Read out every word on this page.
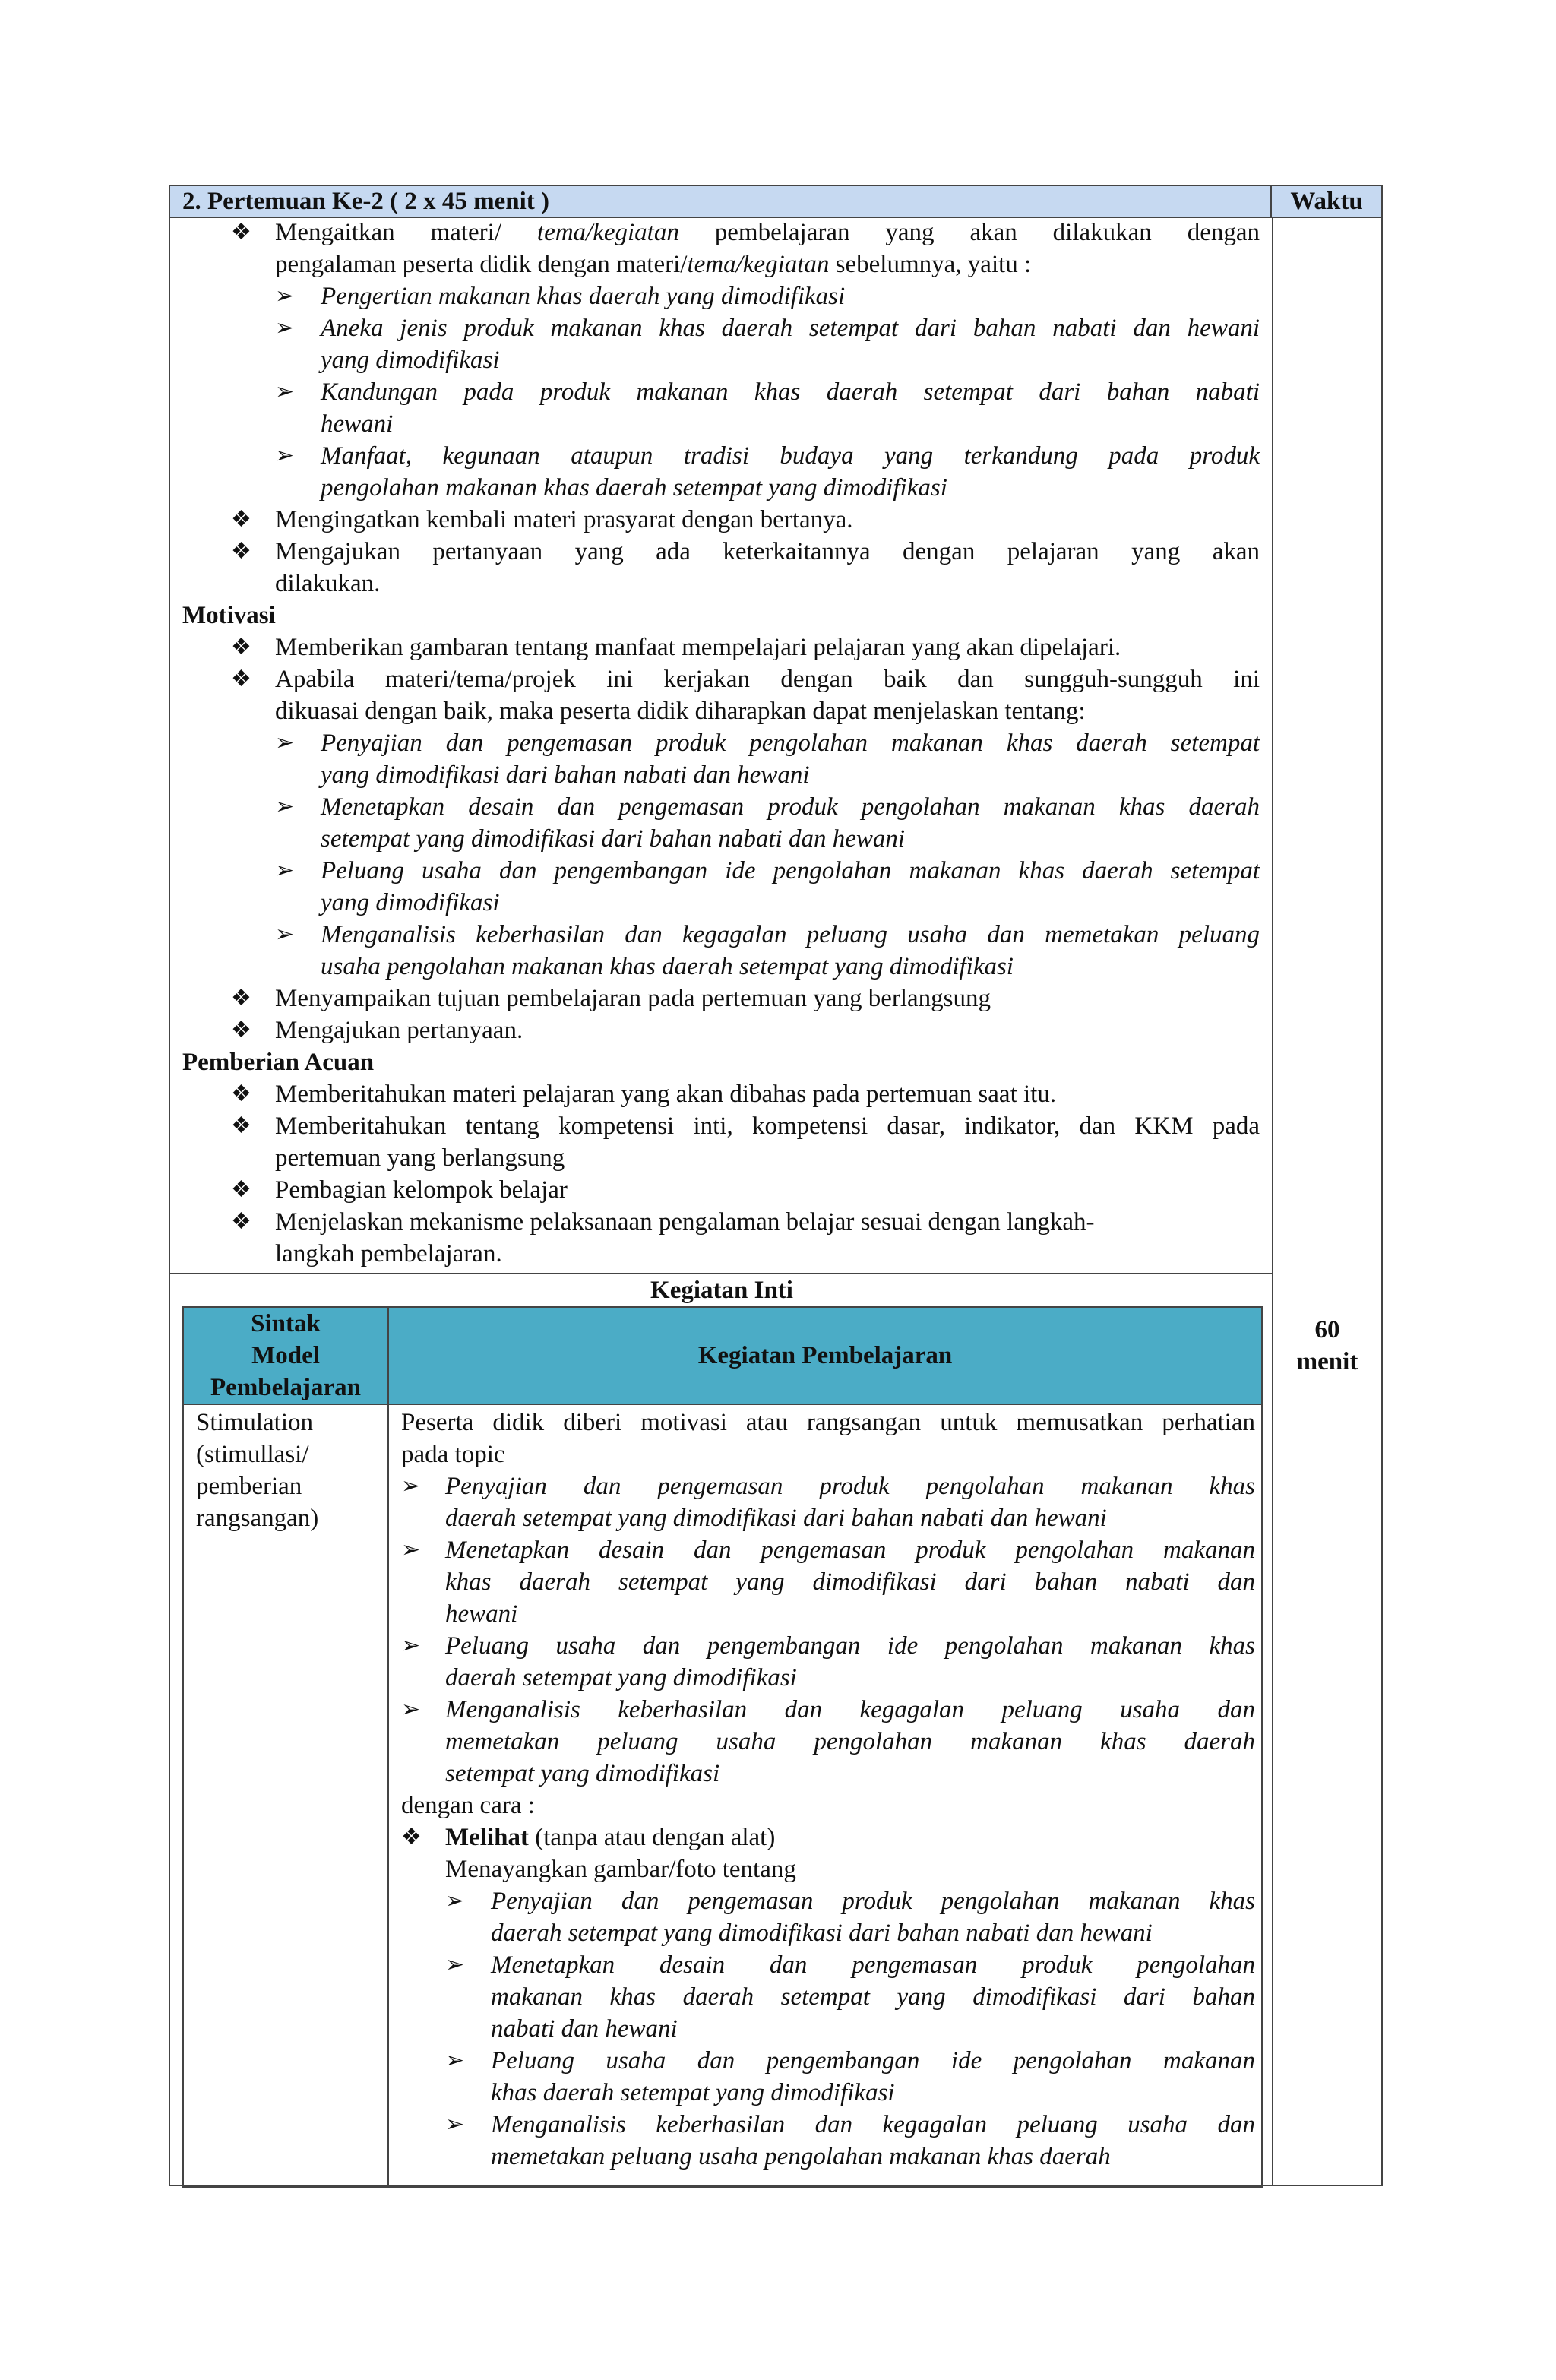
2. Pertemuan Ke-2 ( 2 x 45 menit )	Waktu
❖ Mengaitkan materi/ tema/kegiatan pembelajaran yang akan dilakukan dengan
pengalaman peserta didik dengan materi/tema/kegiatan sebelumnya, yaitu :
➢ Pengertian makanan khas daerah yang dimodifikasi
➢ Aneka jenis produk makanan khas daerah setempat dari bahan nabati dan hewani
yang dimodifikasi
➢ Kandungan pada produk makanan khas daerah setempat dari bahan nabati
hewani
➢ Manfaat, kegunaan ataupun tradisi budaya yang terkandung pada produk
pengolahan makanan khas daerah setempat yang dimodifikasi
❖ Mengingatkan kembali materi prasyarat dengan bertanya.
❖ Mengajukan pertanyaan yang ada keterkaitannya dengan pelajaran yang akan
dilakukan.
Motivasi
❖ Memberikan gambaran tentang manfaat mempelajari pelajaran yang akan dipelajari.
❖ Apabila materi/tema/projek ini kerjakan dengan baik dan sungguh-sungguh ini
dikuasai dengan baik, maka peserta didik diharapkan dapat menjelaskan tentang:
➢ Penyajian dan pengemasan produk pengolahan makanan khas daerah setempat
yang dimodifikasi dari bahan nabati dan hewani
➢ Menetapkan desain dan pengemasan produk pengolahan makanan khas daerah
setempat yang dimodifikasi dari bahan nabati dan hewani
➢ Peluang usaha dan pengembangan ide pengolahan makanan khas daerah setempat
yang dimodifikasi
➢ Menganalisis keberhasilan dan kegagalan peluang usaha dan memetakan peluang
usaha pengolahan makanan khas daerah setempat yang dimodifikasi
❖ Menyampaikan tujuan pembelajaran pada pertemuan yang berlangsung
❖ Mengajukan pertanyaan.
Pemberian Acuan
❖ Memberitahukan materi pelajaran yang akan dibahas pada pertemuan saat itu.
❖ Memberitahukan tentang kompetensi inti, kompetensi dasar, indikator, dan KKM pada
pertemuan yang berlangsung
❖ Pembagian kelompok belajar
❖ Menjelaskan mekanisme pelaksanaan pengalaman belajar sesuai dengan langkah-
langkah pembelajaran.
Kegiatan Inti
Sintak
Model
Pembelajaran
Kegiatan Pembelajaran
Stimulation
(stimullasi/
pemberian
rangsangan)
Peserta didik diberi motivasi atau rangsangan untuk memusatkan perhatian
pada topic
➢ Penyajian dan pengemasan produk pengolahan makanan khas
daerah setempat yang dimodifikasi dari bahan nabati dan hewani
➢ Menetapkan desain dan pengemasan produk pengolahan makanan
khas daerah setempat yang dimodifikasi dari bahan nabati dan
hewani
➢ Peluang usaha dan pengembangan ide pengolahan makanan khas
daerah setempat yang dimodifikasi
➢ Menganalisis keberhasilan dan kegagalan peluang usaha dan
memetakan peluang usaha pengolahan makanan khas daerah
setempat yang dimodifikasi
dengan cara :
❖ Melihat (tanpa atau dengan alat)
Menayangkan gambar/foto tentang
➢ Penyajian dan pengemasan produk pengolahan makanan khas
daerah setempat yang dimodifikasi dari bahan nabati dan hewani
➢ Menetapkan desain dan pengemasan produk pengolahan
makanan khas daerah setempat yang dimodifikasi dari bahan
nabati dan hewani
➢ Peluang usaha dan pengembangan ide pengolahan makanan
khas daerah setempat yang dimodifikasi
➢ Menganalisis keberhasilan dan kegagalan peluang usaha dan
memetakan peluang usaha pengolahan makanan khas daerah
60
menit
